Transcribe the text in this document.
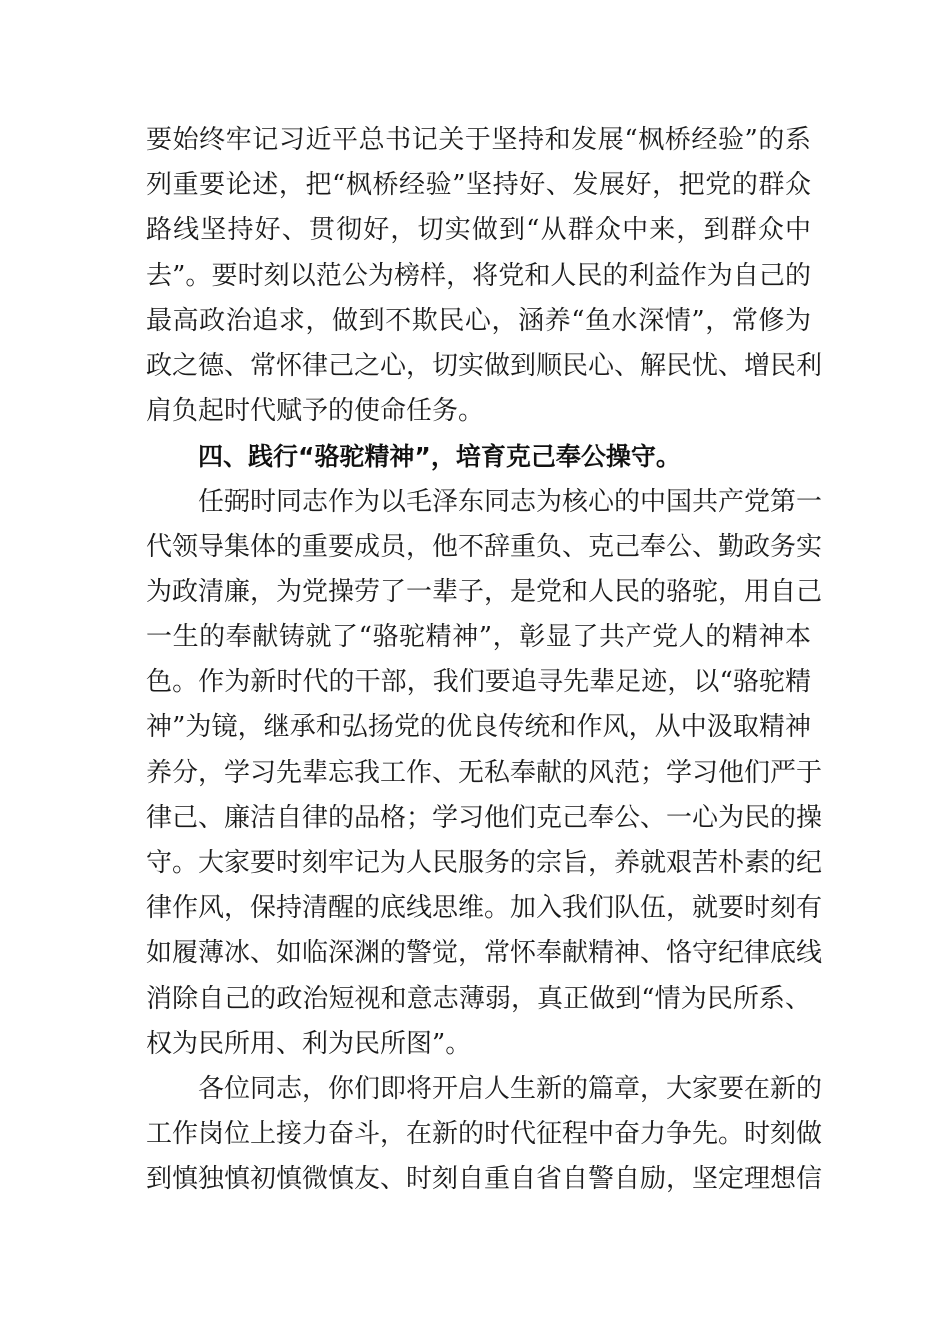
要始终牢记习近平总书记关于坚持和发展“枫桥经验”的系
列重要论述，把“枫桥经验”坚持好、发展好，把党的群众
路线坚持好、贯彻好，切实做到“从群众中来，到群众中
去”。要时刻以范公为榜样，将党和人民的利益作为自己的
最高政治追求，做到不欺民心，涵养“鱼水深情”，常修为
政之德、常怀律己之心，切实做到顺民心、解民忧、增民利
肩负起时代赋予的使命任务。
四、践行“骆驼精神”，培育克己奉公操守。
任弼时同志作为以毛泽东同志为核心的中国共产党第一
代领导集体的重要成员，他不辞重负、克己奉公、勤政务实
为政清廉，为党操劳了一辈子，是党和人民的骆驼，用自己
一生的奉献铸就了“骆驼精神”，彰显了共产党人的精神本
色。作为新时代的干部，我们要追寻先辈足迹，以“骆驼精
神”为镜，继承和弘扬党的优良传统和作风，从中汲取精神
养分，学习先辈忘我工作、无私奉献的风范；学习他们严于
律己、廉洁自律的品格；学习他们克己奉公、一心为民的操
守。大家要时刻牢记为人民服务的宗旨，养就艰苦朴素的纪
律作风，保持清醒的底线思维。加入我们队伍，就要时刻有
如履薄冰、如临深渊的警觉，常怀奉献精神、恪守纪律底线
消除自己的政治短视和意志薄弱，真正做到“情为民所系、
权为民所用、利为民所图”。
各位同志，你们即将开启人生新的篇章，大家要在新的
工作岗位上接力奋斗，在新的时代征程中奋力争先。时刻做
到慎独慎初慎微慎友、时刻自重自省自警自励，坚定理想信
